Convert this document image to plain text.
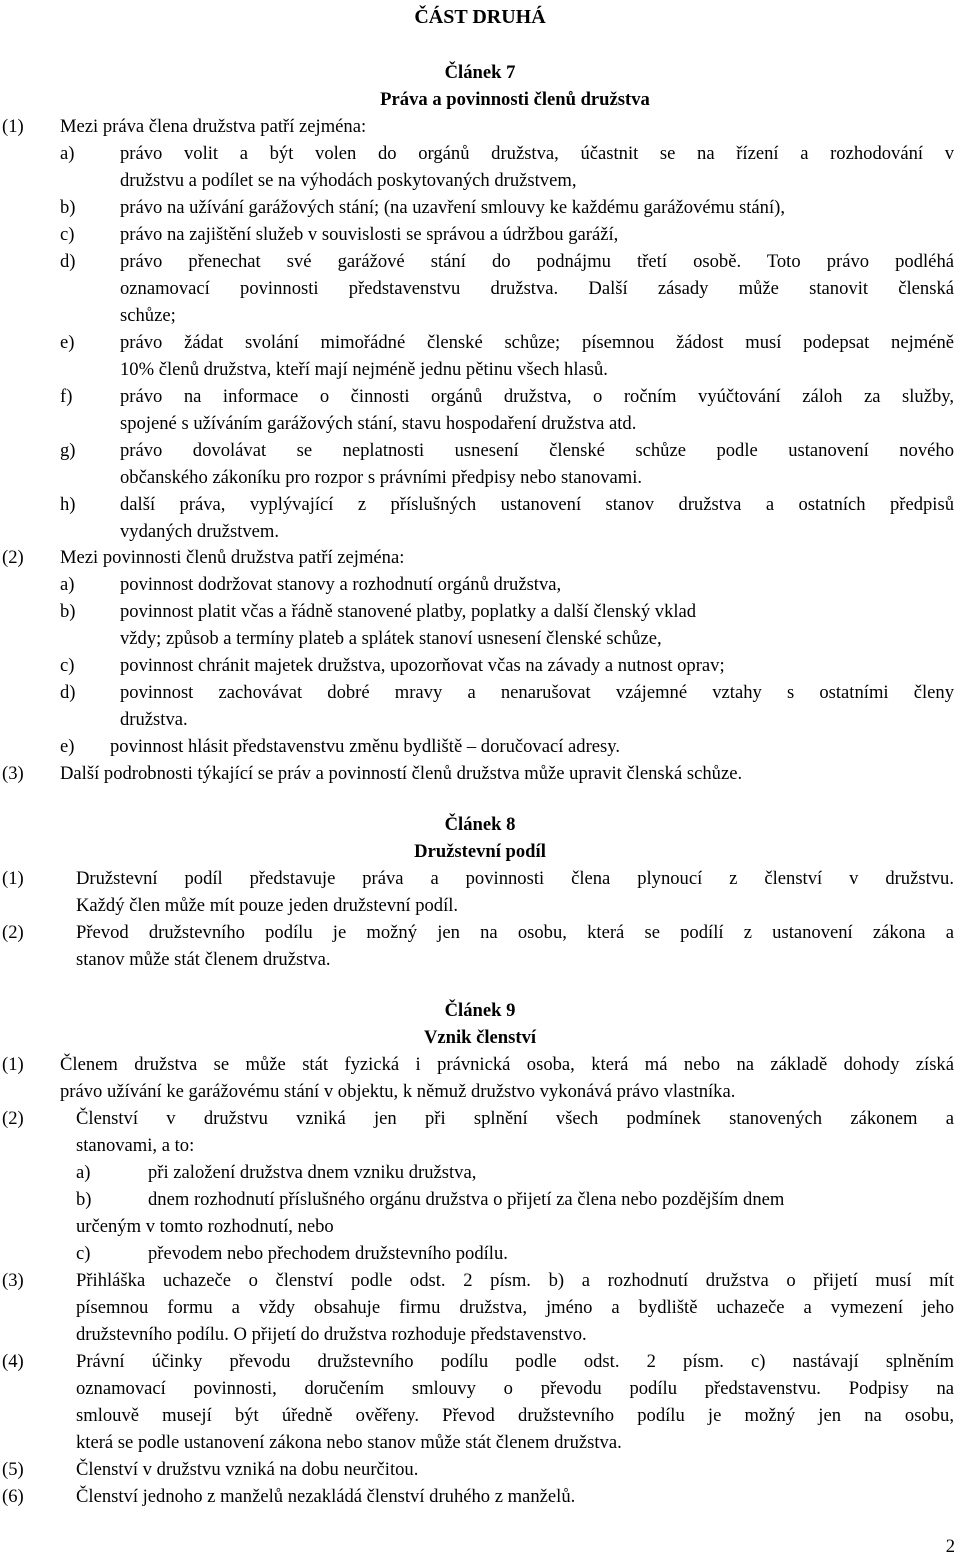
ČÁST DRUHÁ
Článek 7
Práva a povinnosti členů družstva
(1) Mezi práva člena družstva patří zejména:
a) právo volit a být volen do orgánů družstva, účastnit se na řízení a rozhodování v
družstvu a podílet se na výhodách poskytovaných družstvem,
b) právo na užívání garážových stání; (na uzavření smlouvy ke každému garážovému stání),
c) právo na zajištění služeb v souvislosti se správou a údržbou garáží,
d) právo přenechat své garážové stání do podnájmu třetí osobě. Toto právo podléhá
oznamovací povinnosti představenstvu družstva. Další zásady může stanovit členská
schůze;
e) právo žádat svolání mimořádné členské schůze; písemnou žádost musí podepsat nejméně
10% členů družstva, kteří mají nejméně jednu pětinu všech hlasů.
f)	právo na informace o činnosti orgánů družstva, o ročním vyúčtování záloh za služby,
spojené s užíváním garážových stání, stavu hospodaření družstva atd.
g) právo dovolávat se neplatnosti usnesení členské schůze podle ustanovení nového
občanského zákoníku pro rozpor s právními předpisy nebo stanovami.
h) další práva, vyplývající z příslušných ustanovení stanov družstva a ostatních předpisů
vydaných družstvem.
(2) Mezi povinnosti členů družstva patří zejména:
a) povinnost dodržovat stanovy a rozhodnutí orgánů družstva,
b) povinnost platit včas a řádně stanovené platby, poplatky a další členský vklad
vždy; způsob a termíny plateb a splátek stanoví usnesení členské schůze,
c) povinnost chránit majetek družstva, upozorňovat včas na závady a nutnost oprav;
d) povinnost zachovávat dobré mravy a nenarušovat vzájemné vztahy s ostatními členy
družstva.
e) povinnost hlásit představenstvu změnu bydliště – doručovací adresy.
(3) Další podrobnosti týkající se práv a povinností členů družstva může upravit členská schůze.
Článek 8
Družstevní podíl
(1)	Družstevní podíl představuje práva a povinnosti člena plynoucí z členství v družstvu.
Každý člen může mít pouze jeden družstevní podíl.
(2)	Převod družstevního podílu je možný jen na osobu, která se podílí z ustanovení zákona a
stanov může stát členem družstva.
Článek 9
Vznik členství
(1) Členem družstva se může stát fyzická i právnická osoba, která má nebo na základě dohody získá
právo užívání ke garážovému stání v objektu, k němuž družstvo vykonává právo vlastníka.
(2)	Členství v družstvu vzniká jen při splnění všech podmínek stanovených zákonem a
stanovami, a to:
a)	při založení družstva dnem vzniku družstva,
b)	dnem rozhodnutí příslušného orgánu družstva o přijetí za člena nebo pozdějším dnem
určeným v tomto rozhodnutí, nebo
c)	převodem nebo přechodem družstevního podílu.
(3)	Přihláška uchazeče o členství podle odst. 2 písm. b) a rozhodnutí družstva o přijetí musí mít
písemnou formu a vždy obsahuje firmu družstva, jméno a bydliště uchazeče a vymezení jeho
družstevního podílu. O přijetí do družstva rozhoduje představenstvo.
(4)	Právní účinky převodu družstevního podílu podle odst. 2 písm. c) nastávají splněním
oznamovací povinnosti, doručením smlouvy o převodu podílu představenstvu. Podpisy na
smlouvě musejí být úředně ověřeny. Převod družstevního podílu je možný jen na osobu,
která se podle ustanovení zákona nebo stanov může stát členem družstva.
(5)	Členství v družstvu vzniká na dobu neurčitou.
(6)	Členství jednoho z manželů nezakládá členství druhého z manželů.
2
